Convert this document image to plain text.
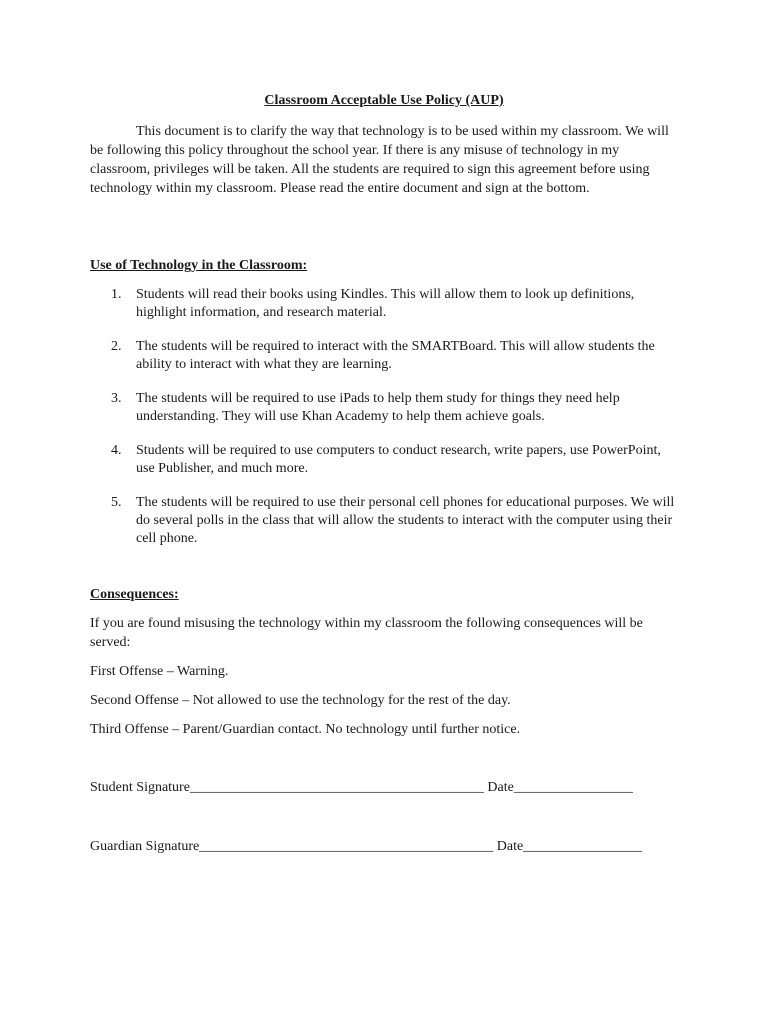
Classroom Acceptable Use Policy (AUP)

This document is to clarify the way that technology is to be used within my classroom. We will be following this policy throughout the school year. If there is any misuse of technology in my classroom, privileges will be taken. All the students are required to sign this agreement before using technology within my classroom. Please read the entire document and sign at the bottom.

Use of Technology in the Classroom:
1. Students will read their books using Kindles. This will allow them to look up definitions, highlight information, and research material.
2. The students will be required to interact with the SMARTBoard. This will allow students the ability to interact with what they are learning.
3. The students will be required to use iPads to help them study for things they need help understanding. They will use Khan Academy to help them achieve goals.
4. Students will be required to use computers to conduct research, write papers, use PowerPoint, use Publisher, and much more.
5. The students will be required to use their personal cell phones for educational purposes. We will do several polls in the class that will allow the students to interact with the computer using their cell phone.
Consequences:

If you are found misusing the technology within my classroom the following consequences will be served:

First Offense – Warning.

Second Offense – Not allowed to use the technology for the rest of the day.

Third Offense – Parent/Guardian contact. No technology until further notice.

Student Signature__________________________________________ Date_________________

Guardian Signature__________________________________________ Date_________________
